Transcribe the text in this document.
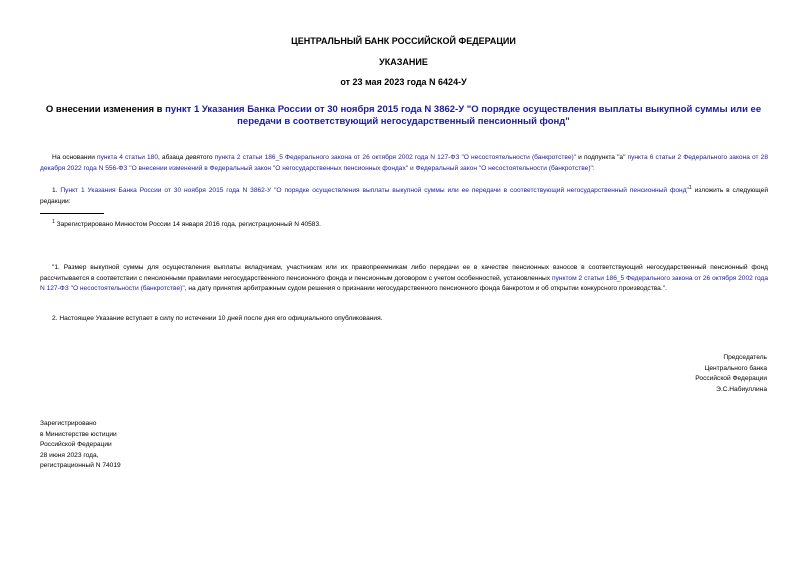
ЦЕНТРАЛЬНЫЙ БАНК РОССИЙСКОЙ ФЕДЕРАЦИИ
УКАЗАНИЕ
от 23 мая 2023 года N 6424-У
О внесении изменения в пункт 1 Указания Банка России от 30 ноября 2015 года N 3862-У "О порядке осуществления выплаты выкупной суммы или ее передачи в соответствующий негосударственный пенсионный фонд"
На основании пункта 4 статьи 180, абзаца девятого пункта 2 статьи 186_5 Федерального закона от 26 октября 2002 года N 127-ФЗ "О несостоятельности (банкротстве)" и подпункта "а" пункта 6 статьи 2 Федерального закона от 28 декабря 2022 года N 556-ФЗ "О внесении изменений в Федеральный закон "О негосударственных пенсионных фондах" и Федеральный закон "О несостоятельности (банкротстве)":
1. Пункт 1 Указания Банка России от 30 ноября 2015 года N 3862-У "О порядке осуществления выплаты выкупной суммы или ее передачи в соответствующий негосударственный пенсионный фонд"$^1$ изложить в следующей редакции:
$^1$ Зарегистрировано Минюстом России 14 января 2016 года, регистрационный N 40583.
"1. Размер выкупной суммы для осуществления выплаты вкладчикам, участникам или их правопреемникам либо передачи ее в качестве пенсионных взносов в соответствующий негосударственный пенсионный фонд рассчитывается в соответствии с пенсионными правилами негосударственного пенсионного фонда и пенсионным договором с учетом особенностей, установленных пунктом 2 статьи 186_5 Федерального закона от 26 октября 2002 года N 127-ФЗ "О несостоятельности (банкротстве)", на дату принятия арбитражным судом решения о признании негосударственного пенсионного фонда банкротом и об открытии конкурсного производства.".
2. Настоящее Указание вступает в силу по истечении 10 дней после дня его официального опубликования.
Председатель
Центрального банка
Российской Федерации
Э.С.Набиуллина
Зарегистрировано
в Министерстве юстиции
Российской Федерации
28 июня 2023 года,
регистрационный N 74019
